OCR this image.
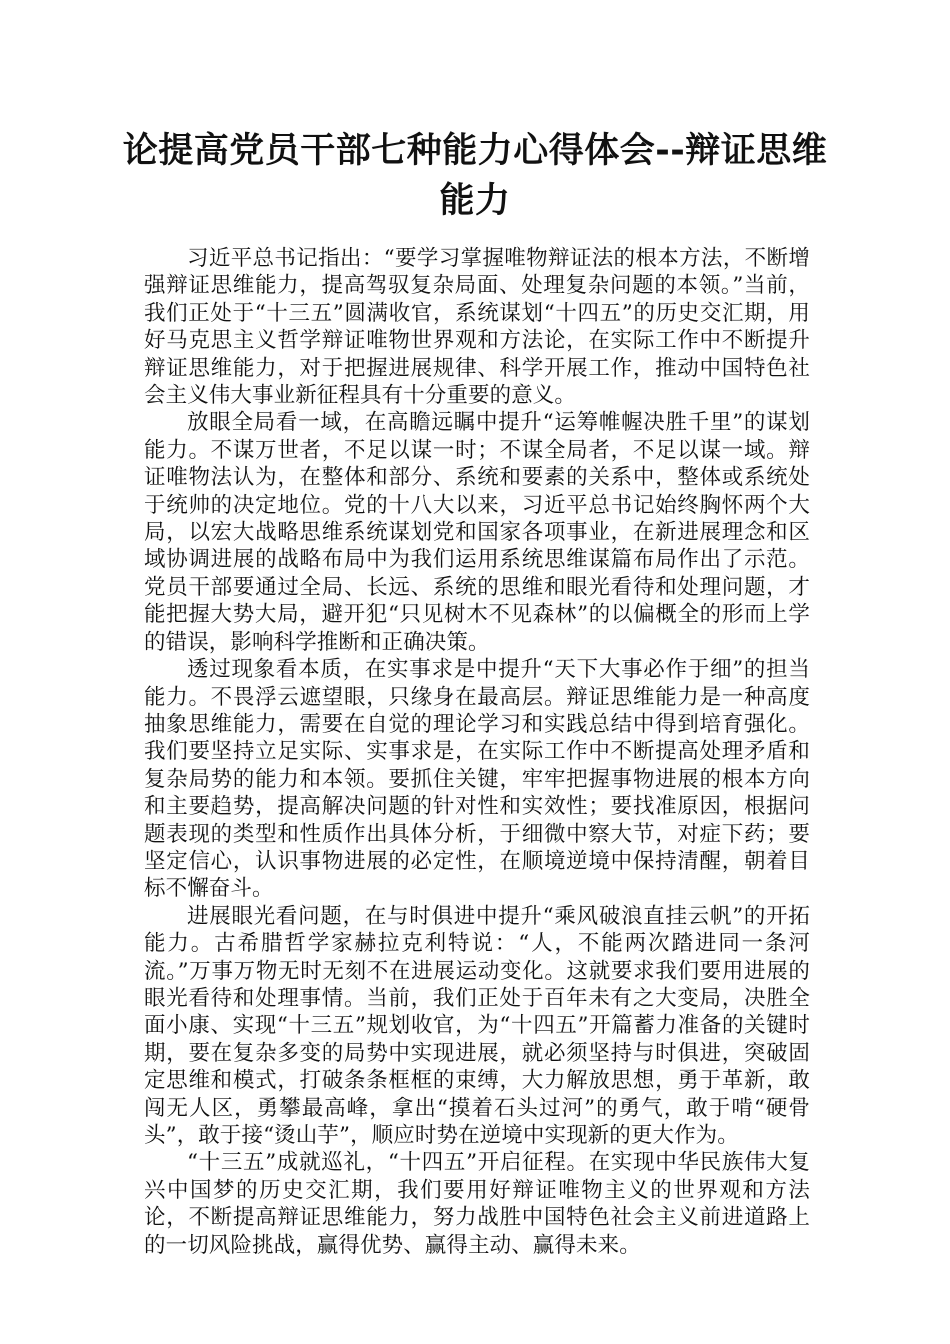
论提高党员干部七种能力心得体会--辩证思维能力

习近平总书记指出：“要学习掌握唯物辩证法的根本方法，不断增强辩证思维能力，提高驾驭复杂局面、处理复杂问题的本领。”当前，我们正处于“十三五”圆满收官，系统谋划“十四五”的历史交汇期，用好马克思主义哲学辩证唯物世界观和方法论，在实际工作中不断提升辩证思维能力，对于把握进展规律、科学开展工作，推动中国特色社会主义伟大事业新征程具有十分重要的意义。

放眼全局看一域，在高瞻远瞩中提升“运筹帷幄决胜千里”的谋划能力。不谋万世者，不足以谋一时；不谋全局者，不足以谋一域。辩证唯物法认为，在整体和部分、系统和要素的关系中，整体或系统处于统帅的决定地位。党的十八大以来，习近平总书记始终胸怀两个大局，以宏大战略思维系统谋划党和国家各项事业，在新进展理念和区域协调进展的战略布局中为我们运用系统思维谋篇布局作出了示范。党员干部要通过全局、长远、系统的思维和眼光看待和处理问题，才能把握大势大局，避开犯“只见树木不见森林”的以偏概全的形而上学的错误，影响科学推断和正确决策。

透过现象看本质，在实事求是中提升“天下大事必作于细”的担当能力。不畏浮云遮望眼，只缘身在最高层。辩证思维能力是一种高度抽象思维能力，需要在自觉的理论学习和实践总结中得到培育强化。我们要坚持立足实际、实事求是，在实际工作中不断提高处理矛盾和复杂局势的能力和本领。要抓住关键，牢牢把握事物进展的根本方向和主要趋势，提高解决问题的针对性和实效性；要找准原因，根据问题表现的类型和性质作出具体分析，于细微中察大节，对症下药；要坚定信心，认识事物进展的必定性，在顺境逆境中保持清醒，朝着目标不懈奋斗。

进展眼光看问题，在与时俱进中提升“乘风破浪直挂云帆”的开拓能力。古希腊哲学家赫拉克利特说：“人，不能两次踏进同一条河流。”万事万物无时无刻不在进展运动变化。这就要求我们要用进展的眼光看待和处理事情。当前，我们正处于百年未有之大变局，决胜全面小康、实现“十三五”规划收官，为“十四五”开篇蓄力准备的关键时期，要在复杂多变的局势中实现进展，就必须坚持与时俱进，突破固定思维和模式，打破条条框框的束缚，大力解放思想，勇于革新，敢闯无人区，勇攀最高峰，拿出“摸着石头过河”的勇气，敢于啃“硬骨头”，敢于接“烫山芋”，顺应时势在逆境中实现新的更大作为。

“十三五”成就巡礼，“十四五”开启征程。在实现中华民族伟大复兴中国梦的历史交汇期，我们要用好辩证唯物主义的世界观和方法论，不断提高辩证思维能力，努力战胜中国特色社会主义前进道路上的一切风险挑战，赢得优势、赢得主动、赢得未来。
